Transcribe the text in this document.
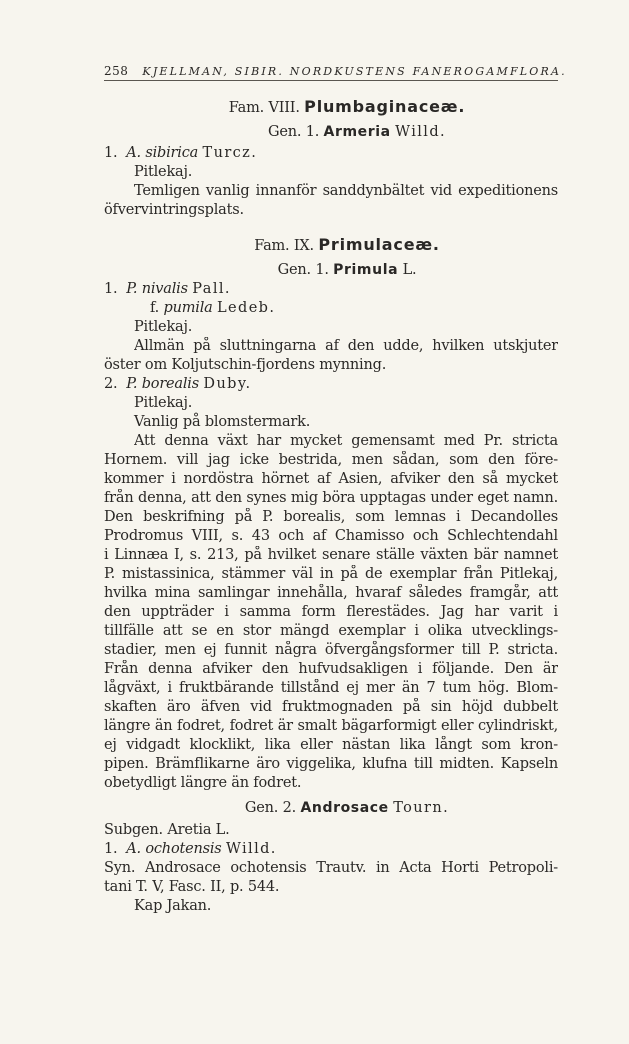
258 KJELLMAN, SIBIR. NORDKUSTENS FANEROGAMFLORA.
Fam. VIII. Plumbaginaceæ.
Gen. 1. Armeria Willd.
1. A. sibirica Turcz.
Pitlekaj.
Temligen vanlig innanför sanddynbältet vid expeditionens
öfvervintringsplats.
Fam. IX. Primulaceæ.
Gen. 1. Primula L.
1. P. nivalis Pall.
f. pumila Ledeb.
Pitlekaj.
Allmän på sluttningarna af den udde, hvilken utskjuter
öster om Koljutschin-fjordens mynning.
2. P. borealis Duby.
Pitlekaj.
Vanlig på blomstermark.
Att denna växt har mycket gemensamt med Pr. stricta
Hornem. vill jag icke bestrida, men sådan, som den före-
kommer i nordöstra hörnet af Asien, afviker den så mycket
från denna, att den synes mig böra upptagas under eget namn.
Den beskrifning på P. borealis, som lemnas i Decandolles
Prodromus VIII, s. 43 och af Chamisso och Schlechtendahl
i Linnæa I, s. 213, på hvilket senare ställe växten bär namnet
P. mistassinica, stämmer väl in på de exemplar från Pitlekaj,
hvilka mina samlingar innehålla, hvaraf således framgår, att
den uppträder i samma form flerestädes. Jag har varit i
tillfälle att se en stor mängd exemplar i olika utvecklings-
stadier, men ej funnit några öfvergångsformer till P. stricta.
Från denna afviker den hufvudsakligen i följande. Den är
lågväxt, i fruktbärande tillstånd ej mer än 7 tum hög. Blom-
skaften äro äfven vid fruktmognaden på sin höjd dubbelt
längre än fodret, fodret är smalt bägarformigt eller cylindriskt,
ej vidgadt klocklikt, lika eller nästan lika långt som kron-
pipen. Brämflikarne äro viggelika, klufna till midten. Kapseln
obetydligt längre än fodret.
Gen. 2. Androsace Tourn.
Subgen. Aretia L.
1. A. ochotensis Willd.
Syn. Androsace ochotensis Trautv. in Acta Horti Petropoli-
tani T. V, Fasc. II, p. 544.
Kap Jakan.
